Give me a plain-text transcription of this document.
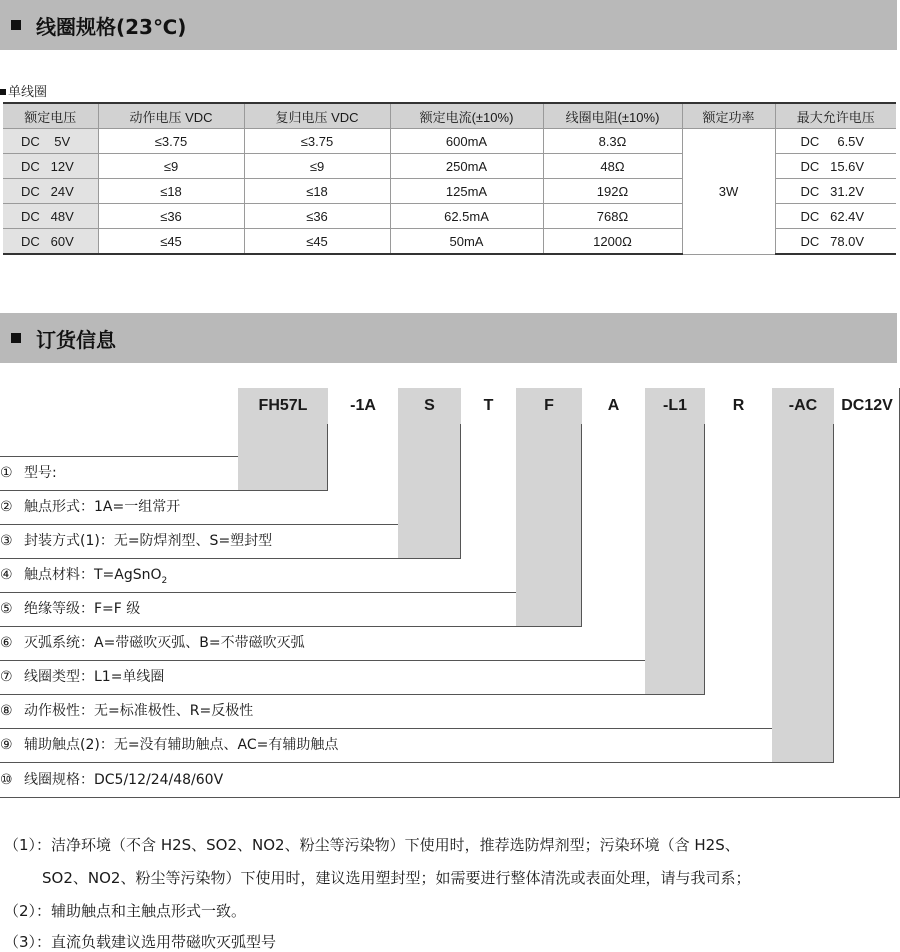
线圈规格(23℃)
单线圈
额定电压	动作电压 VDC	复归电压 VDC	额定电流(±10%)	线圈电阻(±10%)	额定功率	最大允许电压
DC    5V	≤3.75	≤3.75	600mA	8.3Ω	3W	DC     6.5V
DC   12V	≤9	≤9	250mA	48Ω		DC   15.6V
DC   24V	≤18	≤18	125mA	192Ω		DC   31.2V
DC   48V	≤36	≤36	62.5mA	768Ω		DC   62.4V
DC   60V	≤45	≤45	50mA	1200Ω		DC   78.0V
订货信息
FH57L	-1A	S	T	F	A	-L1	R	-AC	DC12V
① 型号:
② 触点形式：1A=一组常开
③ 封装方式(1)：无=防焊剂型、S=塑封型
④ 触点材料：T=AgSnO$_2$
⑤ 绝缘等级：F=F 级
⑥ 灭弧系统：A=带磁吹灭弧、B=不带磁吹灭弧
⑦ 线圈类型：L1=单线圈
⑧ 动作极性：无=标准极性、R=反极性
⑨ 辅助触点(2)：无=没有辅助触点、AC=有辅助触点
⑩ 线圈规格：DC5/12/24/48/60V
（1）：洁净环境（不含 H2S、SO2、NO2、粉尘等污染物）下使用时，推荐选防焊剂型；污染环境（含 H2S、
SO2、NO2、粉尘等污染物）下使用时，建议选用塑封型；如需要进行整体清洗或表面处理，请与我司系；
（2）：辅助触点和主触点形式一致。
（3）：直流负载建议选用带磁吹灭弧型号
